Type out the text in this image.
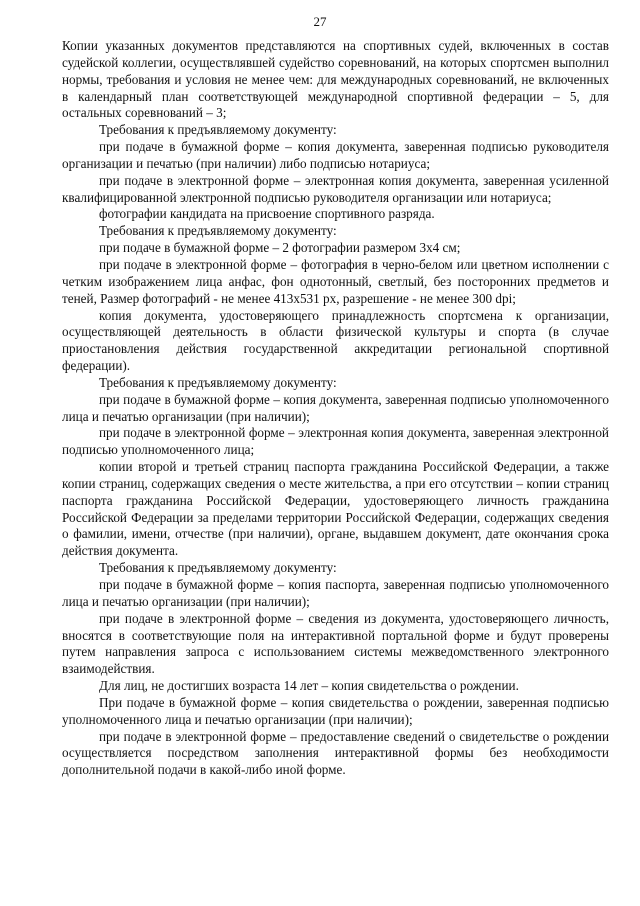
27

Копии указанных документов представляются на спортивных судей, включенных в состав судейской коллегии, осуществлявшей судейство соревнований, на которых спортсмен выполнил нормы, требования и условия не менее чем: для международных соревнований, не включенных в календарный план соответствующей международной спортивной федерации – 5, для остальных соревнований – 3;

Требования к предъявляемому документу:

при подаче в бумажной форме – копия документа, заверенная подписью руководителя организации и печатью (при наличии) либо подписью нотариуса;

при подаче в электронной форме – электронная копия документа, заверенная усиленной квалифицированной электронной подписью руководителя организации или нотариуса;

фотографии кандидата на присвоение спортивного разряда.

Требования к предъявляемому документу:

при подаче в бумажной форме – 2 фотографии размером 3х4 см;

при подаче в электронной форме – фотография в черно-белом или цветном исполнении с четким изображением лица анфас, фон однотонный, светлый, без посторонних предметов и теней, Размер фотографий - не менее 413х531 px, разрешение - не менее 300 dpi;

копия документа, удостоверяющего принадлежность спортсмена к организации, осуществляющей деятельность в области физической культуры и спорта (в случае приостановления действия государственной аккредитации региональной спортивной федерации).

Требования к предъявляемому документу:

при подаче в бумажной форме – копия документа, заверенная подписью уполномоченного лица и печатью организации (при наличии);

при подаче в электронной форме – электронная копия документа, заверенная электронной подписью уполномоченного лица;

копии второй и третьей страниц паспорта гражданина Российской Федерации, а также копии страниц, содержащих сведения о месте жительства, а при его отсутствии – копии страниц паспорта гражданина Российской Федерации, удостоверяющего личность гражданина Российской Федерации за пределами территории Российской Федерации, содержащих сведения о фамилии, имени, отчестве (при наличии), органе, выдавшем документ, дате окончания срока действия документа.

Требования к предъявляемому документу:

при подаче в бумажной форме – копия паспорта, заверенная подписью уполномоченного лица и печатью организации (при наличии);

при подаче в электронной форме – сведения из документа, удостоверяющего личность, вносятся в соответствующие поля на интерактивной портальной форме и будут проверены путем направления запроса с использованием системы межведомственного электронного взаимодействия.

Для лиц, не достигших возраста 14 лет – копия свидетельства о рождении.

При подаче в бумажной форме – копия свидетельства о рождении, заверенная подписью уполномоченного лица и печатью организации (при наличии);

при подаче в электронной форме – предоставление сведений о свидетельстве о рождении осуществляется посредством заполнения интерактивной формы без необходимости дополнительной подачи в какой-либо иной форме.
